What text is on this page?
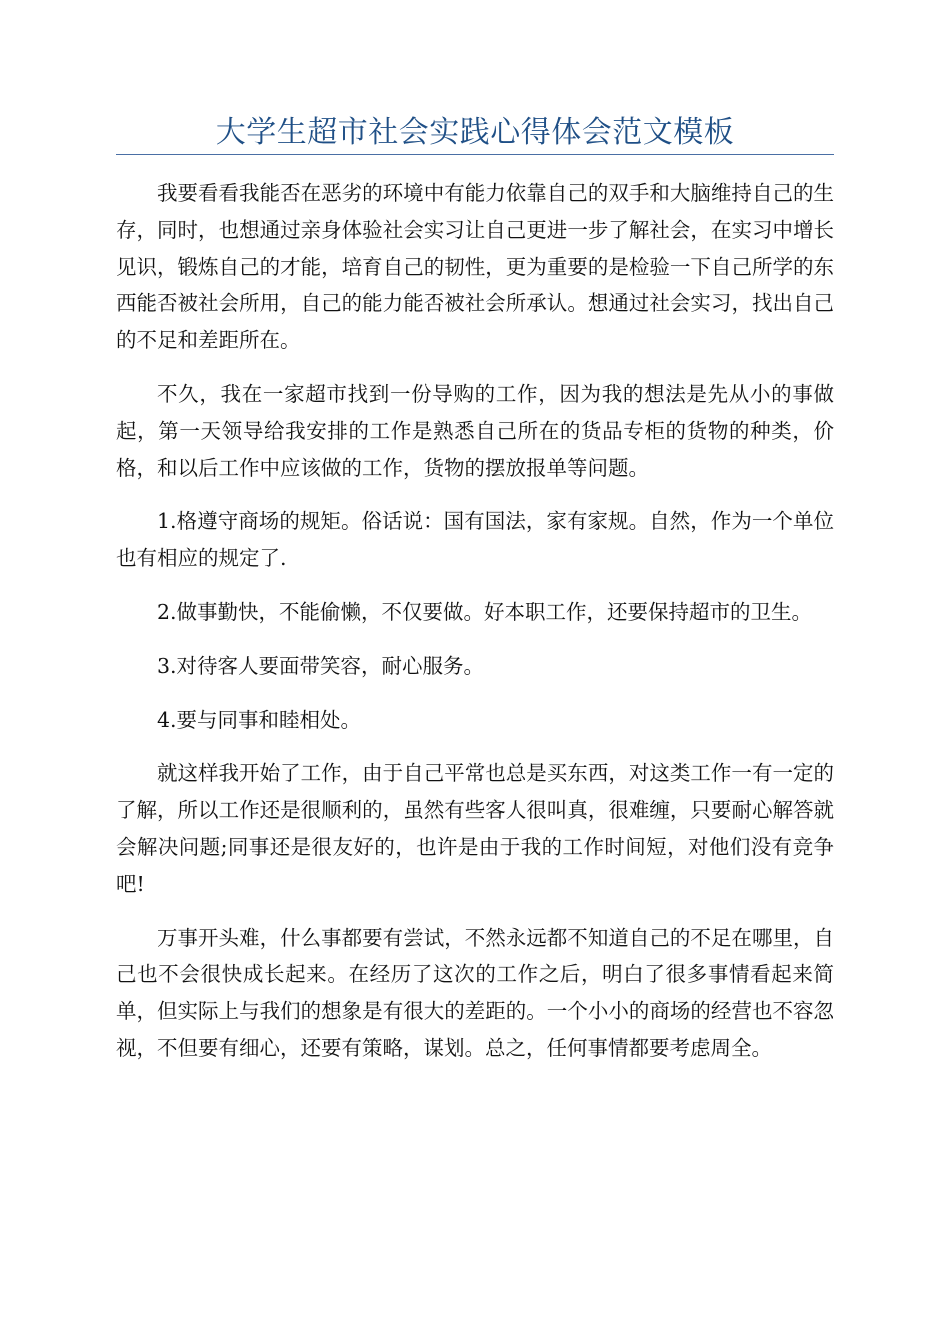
大学生超市社会实践心得体会范文模板

我要看看我能否在恶劣的环境中有能力依靠自己的双手和大脑维持自己的生存，同时，也想通过亲身体验社会实习让自己更进一步了解社会，在实习中增长见识，锻炼自己的才能，培育自己的韧性，更为重要的是检验一下自己所学的东西能否被社会所用，自己的能力能否被社会所承认。想通过社会实习，找出自己的不足和差距所在。

不久，我在一家超市找到一份导购的工作，因为我的想法是先从小的事做起，第一天领导给我安排的工作是熟悉自己所在的货品专柜的货物的种类，价格，和以后工作中应该做的工作，货物的摆放报单等问题。

1.格遵守商场的规矩。俗话说：国有国法，家有家规。自然，作为一个单位也有相应的规定了.

2.做事勤快，不能偷懒，不仅要做。好本职工作，还要保持超市的卫生。

3.对待客人要面带笑容，耐心服务。

4.要与同事和睦相处。

就这样我开始了工作，由于自己平常也总是买东西，对这类工作一有一定的了解，所以工作还是很顺利的，虽然有些客人很叫真，很难缠，只要耐心解答就会解决问题;同事还是很友好的，也许是由于我的工作时间短，对他们没有竞争吧!

万事开头难，什么事都要有尝试，不然永远都不知道自己的不足在哪里，自己也不会很快成长起来。在经历了这次的工作之后，明白了很多事情看起来简单，但实际上与我们的想象是有很大的差距的。一个小小的商场的经营也不容忽视，不但要有细心，还要有策略，谋划。总之，任何事情都要考虑周全。
